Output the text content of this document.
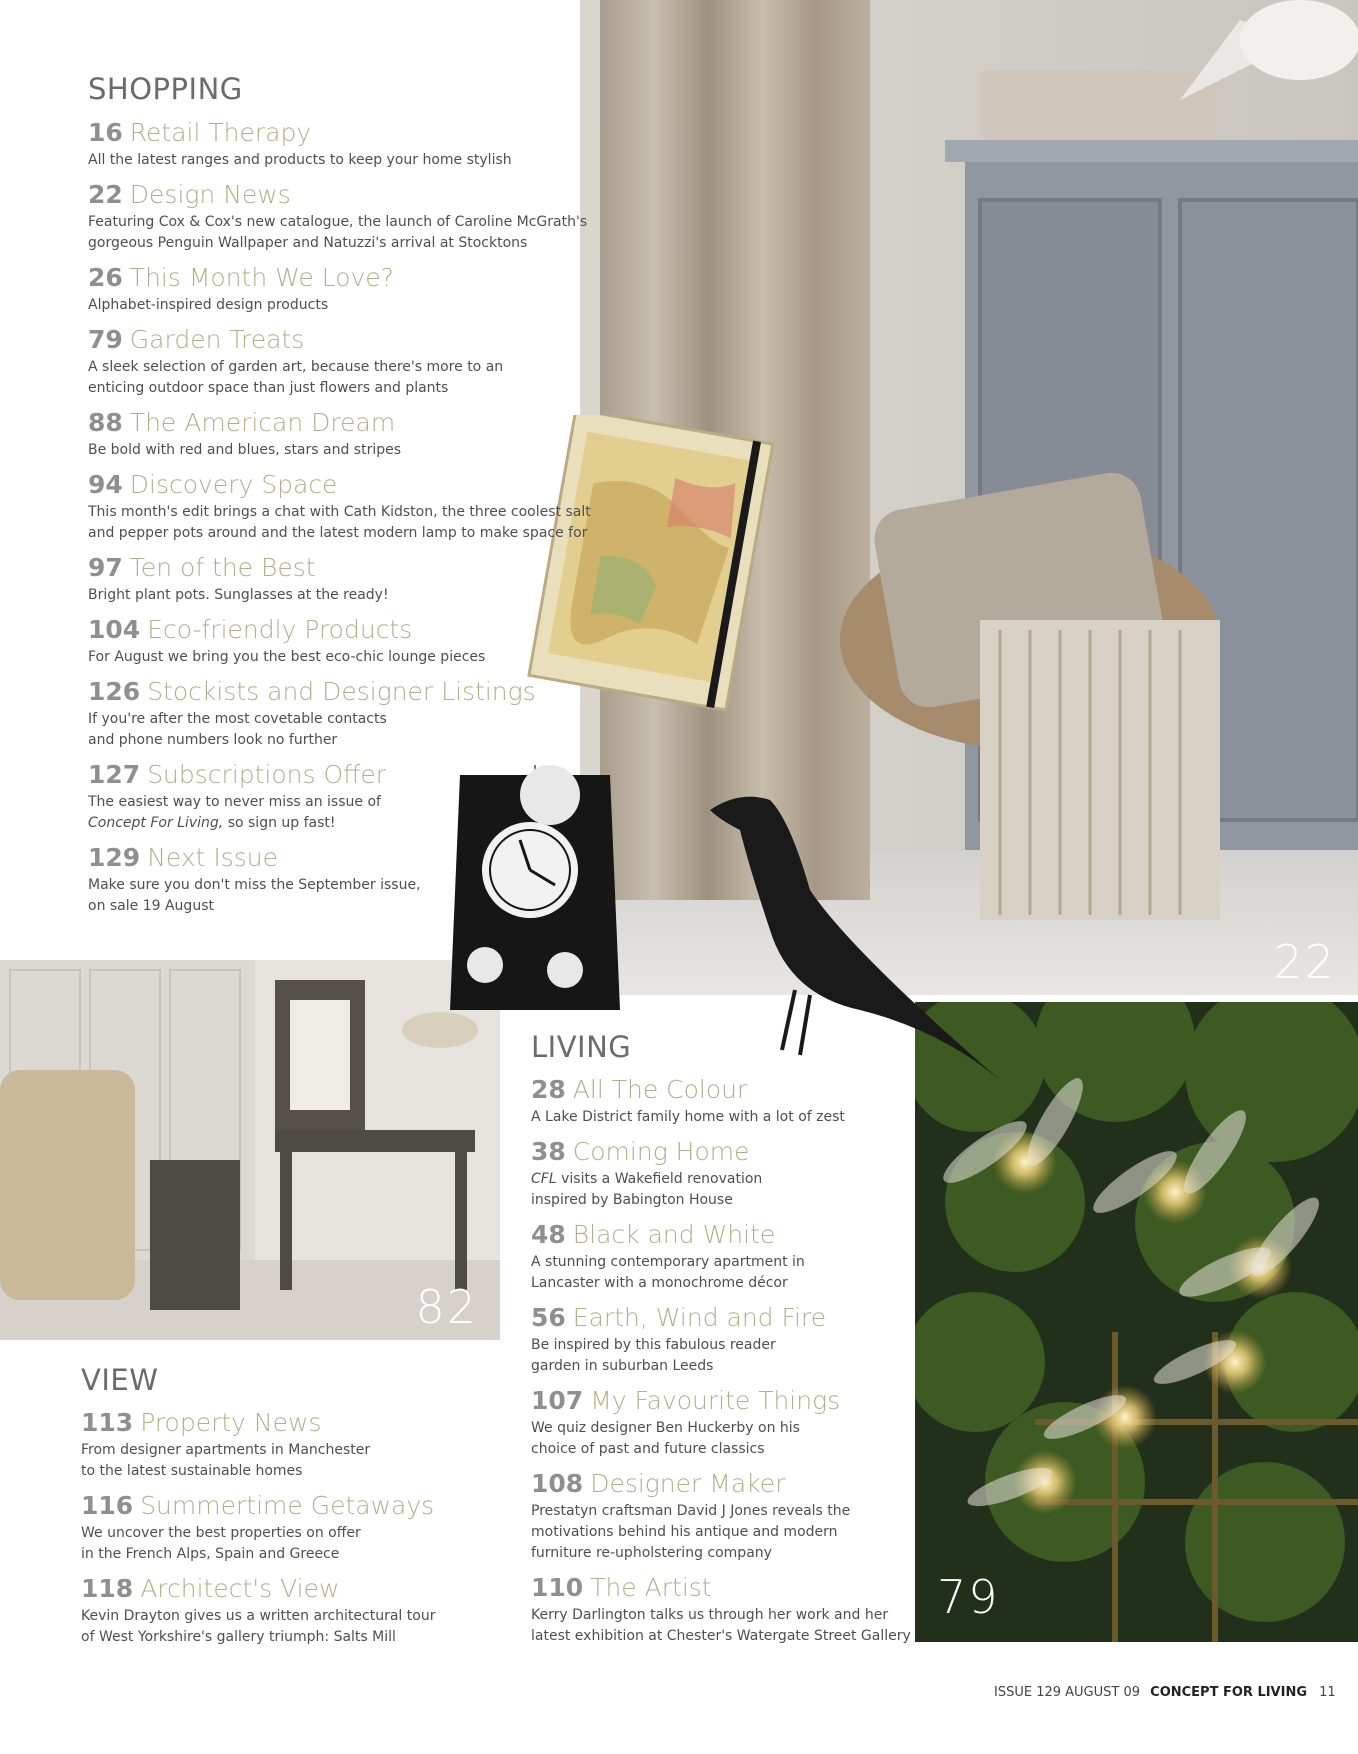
22
82
79
SHOPPING
16 Retail Therapy
All the latest ranges and products to keep your home stylish
22 Design News
Featuring Cox & Cox's new catalogue, the launch of Caroline McGrath's
gorgeous Penguin Wallpaper and Natuzzi's arrival at Stocktons
26 This Month We Love?
Alphabet-inspired design products
79 Garden Treats
A sleek selection of garden art, because there's more to an
enticing outdoor space than just flowers and plants
88 The American Dream
Be bold with red and blues, stars and stripes
94 Discovery Space
This month's edit brings a chat with Cath Kidston, the three coolest salt
and pepper pots around and the latest modern lamp to make space for
97 Ten of the Best
Bright plant pots. Sunglasses at the ready!
104 Eco-friendly Products
For August we bring you the best eco-chic lounge pieces
126 Stockists and Designer Listings
If you're after the most covetable contacts
and phone numbers look no further
127 Subscriptions Offer
The easiest way to never miss an issue of
Concept For Living, so sign up fast!
129 Next Issue
Make sure you don't miss the September issue,
on sale 19 August
LIVING
28 All The Colour
A Lake District family home with a lot of zest
38 Coming Home
CFL visits a Wakefield renovation
inspired by Babington House
48 Black and White
A stunning contemporary apartment in
Lancaster with a monochrome décor
56 Earth, Wind and Fire
Be inspired by this fabulous reader
garden in suburban Leeds
107 My Favourite Things
We quiz designer Ben Huckerby on his
choice of past and future classics
108 Designer Maker
Prestatyn craftsman David J Jones reveals the
motivations behind his antique and modern
furniture re-upholstering company
110 The Artist
Kerry Darlington talks us through her work and her
latest exhibition at Chester's Watergate Street Gallery
VIEW
113 Property News
From designer apartments in Manchester
to the latest sustainable homes
116 Summertime Getaways
We uncover the best properties on offer
in the French Alps, Spain and Greece
118 Architect's View
Kevin Drayton gives us a written architectural tour
of West Yorkshire's gallery triumph: Salts Mill
ISSUE 129 AUGUST 09 CONCEPT FOR LIVING 11
